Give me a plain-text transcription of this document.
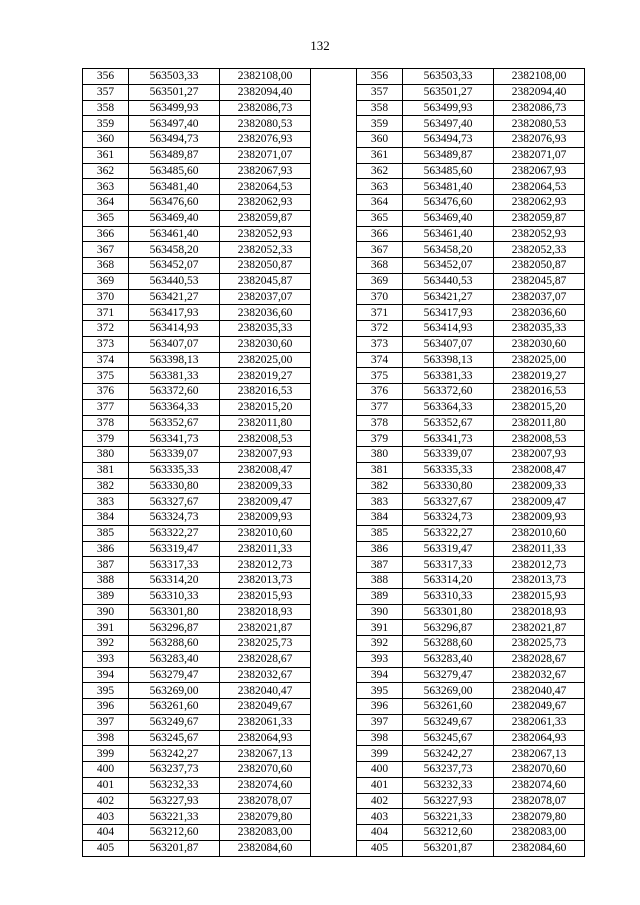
132
356	563503,33	2382108,00		356	563503,33	2382108,00
357	563501,27	2382094,40		357	563501,27	2382094,40
358	563499,93	2382086,73		358	563499,93	2382086,73
359	563497,40	2382080,53		359	563497,40	2382080,53
360	563494,73	2382076,93		360	563494,73	2382076,93
361	563489,87	2382071,07		361	563489,87	2382071,07
362	563485,60	2382067,93		362	563485,60	2382067,93
363	563481,40	2382064,53		363	563481,40	2382064,53
364	563476,60	2382062,93		364	563476,60	2382062,93
365	563469,40	2382059,87		365	563469,40	2382059,87
366	563461,40	2382052,93		366	563461,40	2382052,93
367	563458,20	2382052,33		367	563458,20	2382052,33
368	563452,07	2382050,87		368	563452,07	2382050,87
369	563440,53	2382045,87		369	563440,53	2382045,87
370	563421,27	2382037,07		370	563421,27	2382037,07
371	563417,93	2382036,60		371	563417,93	2382036,60
372	563414,93	2382035,33		372	563414,93	2382035,33
373	563407,07	2382030,60		373	563407,07	2382030,60
374	563398,13	2382025,00		374	563398,13	2382025,00
375	563381,33	2382019,27		375	563381,33	2382019,27
376	563372,60	2382016,53		376	563372,60	2382016,53
377	563364,33	2382015,20		377	563364,33	2382015,20
378	563352,67	2382011,80		378	563352,67	2382011,80
379	563341,73	2382008,53		379	563341,73	2382008,53
380	563339,07	2382007,93		380	563339,07	2382007,93
381	563335,33	2382008,47		381	563335,33	2382008,47
382	563330,80	2382009,33		382	563330,80	2382009,33
383	563327,67	2382009,47		383	563327,67	2382009,47
384	563324,73	2382009,93		384	563324,73	2382009,93
385	563322,27	2382010,60		385	563322,27	2382010,60
386	563319,47	2382011,33		386	563319,47	2382011,33
387	563317,33	2382012,73		387	563317,33	2382012,73
388	563314,20	2382013,73		388	563314,20	2382013,73
389	563310,33	2382015,93		389	563310,33	2382015,93
390	563301,80	2382018,93		390	563301,80	2382018,93
391	563296,87	2382021,87		391	563296,87	2382021,87
392	563288,60	2382025,73		392	563288,60	2382025,73
393	563283,40	2382028,67		393	563283,40	2382028,67
394	563279,47	2382032,67		394	563279,47	2382032,67
395	563269,00	2382040,47		395	563269,00	2382040,47
396	563261,60	2382049,67		396	563261,60	2382049,67
397	563249,67	2382061,33		397	563249,67	2382061,33
398	563245,67	2382064,93		398	563245,67	2382064,93
399	563242,27	2382067,13		399	563242,27	2382067,13
400	563237,73	2382070,60		400	563237,73	2382070,60
401	563232,33	2382074,60		401	563232,33	2382074,60
402	563227,93	2382078,07		402	563227,93	2382078,07
403	563221,33	2382079,80		403	563221,33	2382079,80
404	563212,60	2382083,00		404	563212,60	2382083,00
405	563201,87	2382084,60		405	563201,87	2382084,60
